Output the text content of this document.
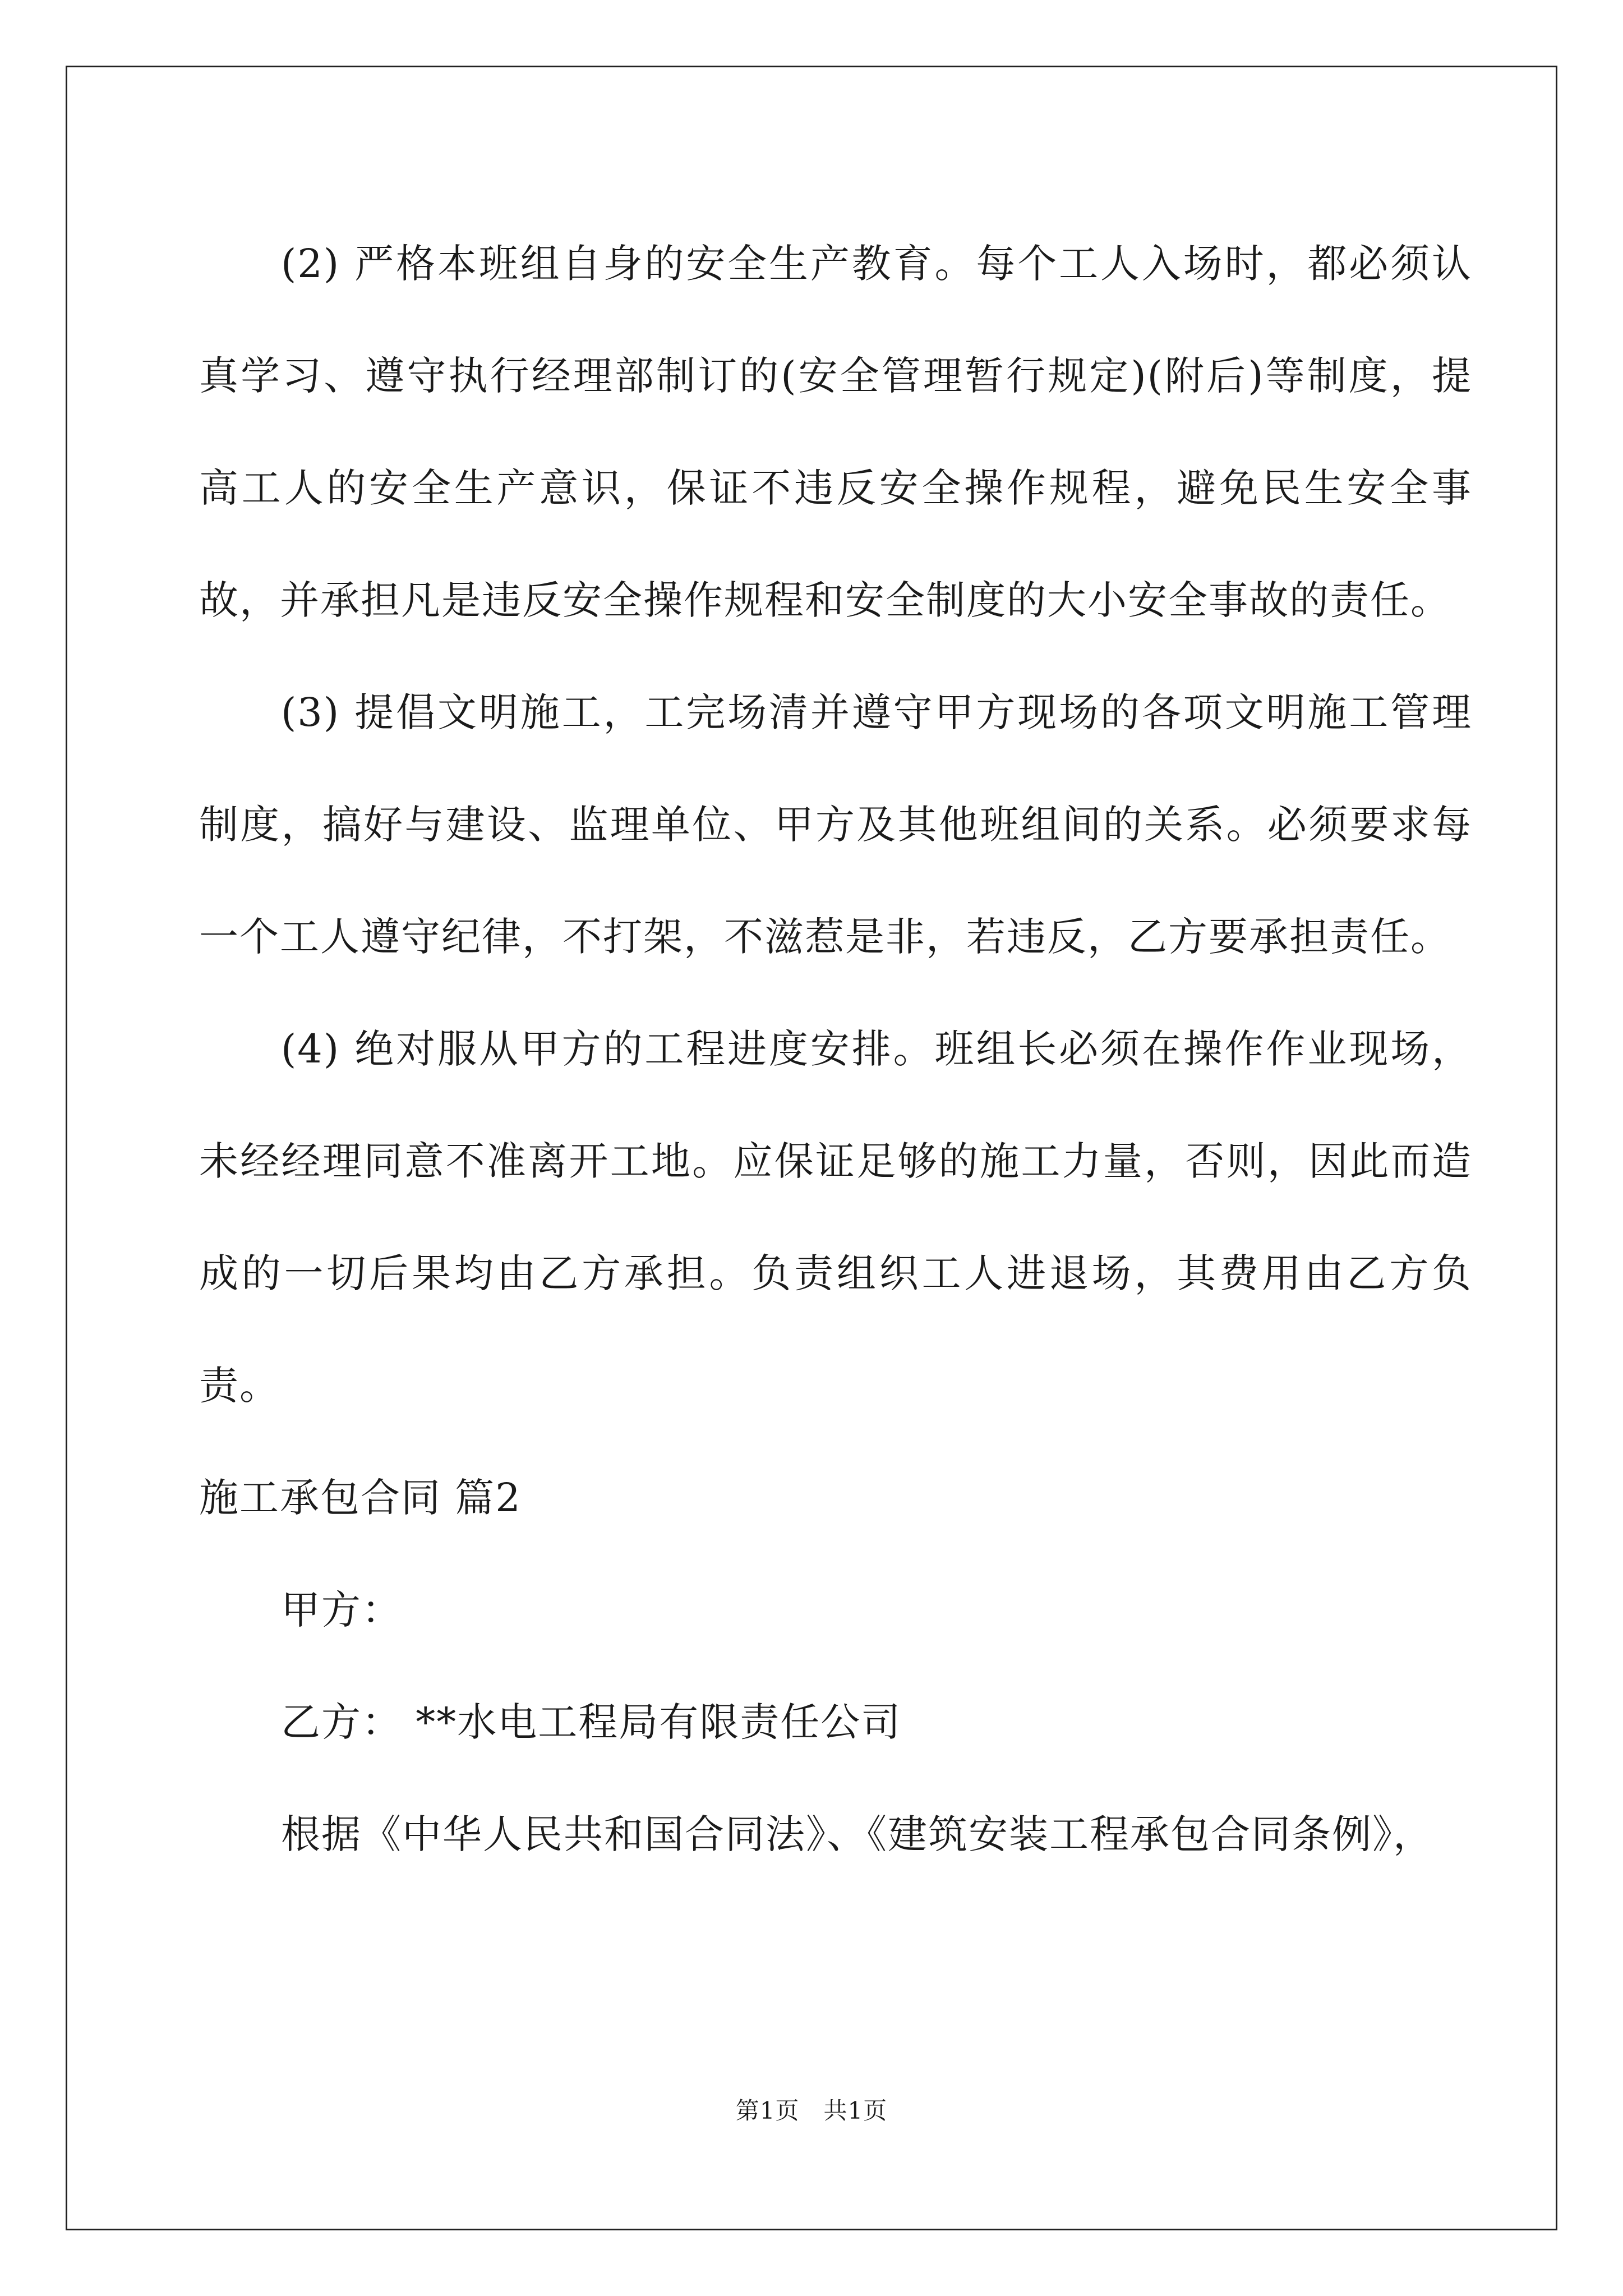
(2) 严格本班组自身的安全生产教育。每个工人入场时，都必须认真学习、遵守执行经理部制订的(安全管理暂行规定)(附后)等制度，提高工人的安全生产意识，保证不违反安全操作规程，避免民生安全事故，并承担凡是违反安全操作规程和安全制度的大小安全事故的责任。

(3) 提倡文明施工，工完场清并遵守甲方现场的各项文明施工管理制度，搞好与建设、监理单位、甲方及其他班组间的关系。必须要求每一个工人遵守纪律，不打架，不滋惹是非，若违反，乙方要承担责任。

(4) 绝对服从甲方的工程进度安排。班组长必须在操作作业现场，未经经理同意不准离开工地。应保证足够的施工力量，否则，因此而造成的一切后果均由乙方承担。负责组织工人进退场，其费用由乙方负责。

施工承包合同 篇2

甲方：

乙方： **水电工程局有限责任公司

根据《中华人民共和国合同法》、《建筑安装工程承包合同条例》，

第1页　共1页
